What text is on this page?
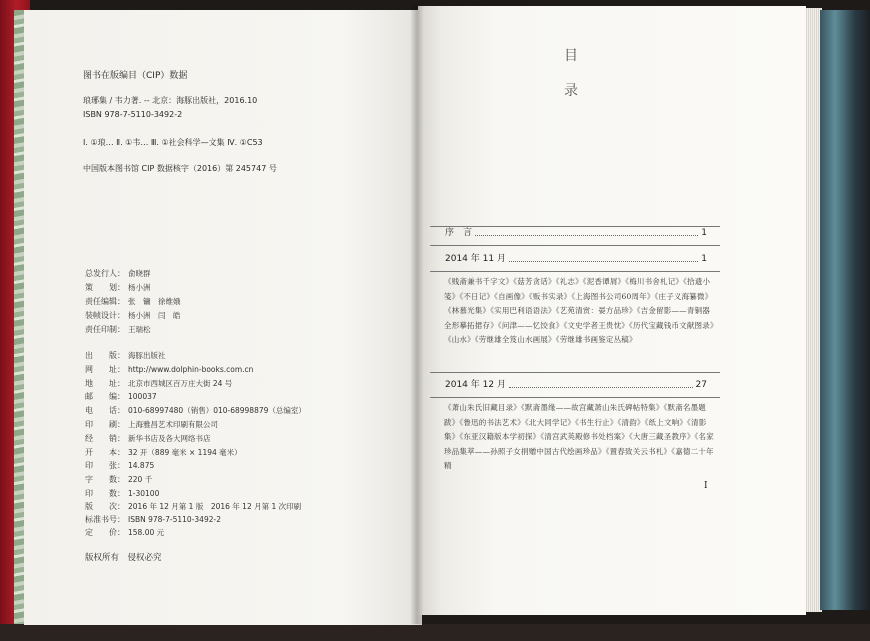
图书在版编目（CIP）数据
琅琊集 / 韦力著. -- 北京：海豚出版社，2016.10
ISBN 978-7-5110-3492-2
Ⅰ. ①琅… Ⅱ. ①韦… Ⅲ. ①社会科学—文集 Ⅳ. ①C53
中国版本图书馆 CIP 数据核字（2016）第 245747 号
总发行人： 俞晓群
策　　划： 杨小洲
责任编辑： 张　镛　徐维娥
装帧设计： 杨小洲　闫　皓
责任印制： 王瑞松
出　　版： 海豚出版社
网　　址： http://www.dolphin-books.com.cn
地　　址： 北京市西城区百万庄大街 24 号
邮　　编： 100037
电　　话： 010-68997480（销售）010-68998879（总编室）
印　　刷： 上海雅昌艺术印刷有限公司
经　　销： 新华书店及各大网络书店
开　　本： 32 开（889 毫米 × 1194 毫米）
印　　张： 14.875
字　　数： 220 千
印　　数： 1-30100
版　　次： 2016 年 12 月第 1 版　2016 年 12 月第 1 次印刷
标准书号： ISBN 978-7-5110-3492-2
定　　价： 158.00 元
版权所有　侵权必究
目
录
序　言	1
2014 年 11 月	1
《贱斋兼书千字文》《菇芳贪话》《礼志》《泥香谭屑》《梅川书舍札记》《拾遗小笺》《不日记》《自画像》《贩书实录》《上海图书公司60周年》《庄子义海纂微》《林慕光集》《实用巴利语语法》《艺苑清赏：晏方品珍》《吉金留影——青铜器全形摹拓捃存》《问津——忆饺食》《文史学者王贵忱》《历代宝藏钱币文献图录》《山水》《劳继雄全笈山水画展》《劳继雄书画鉴定丛稿》
2014 年 12 月	27
《萧山朱氏旧藏目录》《默斋墨缘——故宫藏萧山朱氏碑帖特集》《默斋名墨题跋》《鲁迅的书法艺术》《北大同学记》《书生行止》《清韵》《纸上文响》《清影集》《东亚汉籍版本学初探》《清宫武英殿修书处档案》《大唐三藏圣教序》《名家珍品集萃——孙照子女捐赠中国古代绘画珍品》《置春致关云书札》《嘉德二十年精
I
